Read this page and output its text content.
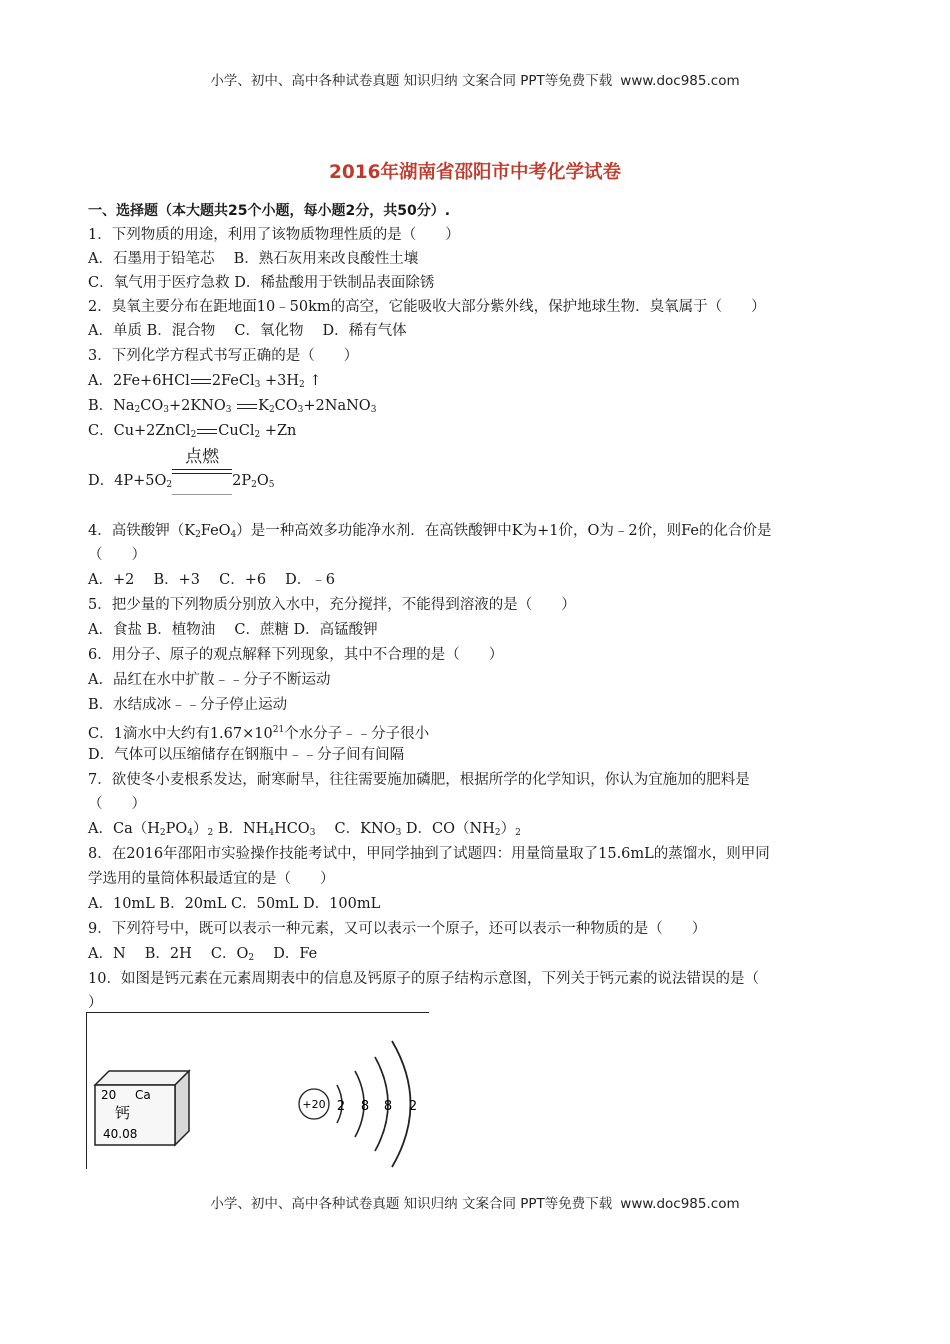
小学、初中、高中各种试卷真题 知识归纳 文案合同 PPT等免费下载 www.doc985.com
2016年湖南省邵阳市中考化学试卷
一、选择题（本大题共25个小题，每小题2分，共50分）.
1．下列物质的用途，利用了该物质物理性质的是（　　）
A．石墨用于铅笔芯　 B．熟石灰用来改良酸性土壤
C．氧气用于医疗急救 D．稀盐酸用于铁制品表面除锈
2．臭氧主要分布在距地面10﹣50km的高空，它能吸收大部分紫外线，保护地球生物．臭氧属于（　　）
A．单质 B．混合物　 C．氧化物　 D．稀有气体
3．下列化学方程式书写正确的是（　　）
A．2Fe+6HCl 2FeCl$_3$ $+3H_2$ ↑
B．$Na_2CO_3+2KNO_3$ $K_2CO_3+2NaNO_3$
C．Cu+2ZnCl$_2$ CuCl$_2$ +Zn
D．$4P+5O_2$
点燃
$2P_2O_5$
4．高铁酸钾$(K_2FeO_4)$是一种高效多功能净水剂．在高铁酸钾中K为+1价，O为﹣2价，则Fe的化合价是
（　　）
A．+2　 B．+3　 C．+6　 D．﹣6
5．把少量的下列物质分别放入水中，充分搅拌，不能得到溶液的是（　　）
A．食盐 B．植物油　 C．蔗糖 D．高锰酸钾
6．用分子、原子的观点解释下列现象，其中不合理的是（　　）
A．品红在水中扩散﹣﹣分子不断运动
B．水结成冰﹣﹣分子停止运动
C．1滴水中大约有$1.67\times 10^{21}$个水分子﹣﹣分子很小
D．气体可以压缩储存在钢瓶中﹣﹣分子间有间隔
7．欲使冬小麦根系发达，耐寒耐旱，往往需要施加磷肥，根据所学的化学知识，你认为宜施加的肥料是
（　　）
A．$Ca(H_2PO_4)_2$ B．$NH_4HCO_3$　 C．$KNO_3$ D．$CO(NH_2)_2$
8．在2016年邵阳市实验操作技能考试中，甲同学抽到了试题四：用量筒量取了15.6mL的蒸馏水，则甲同
学选用的量筒体积最适宜的是（　　）
A．10mL B．20mL C．50mL D．100mL
9．下列符号中，既可以表示一种元素，又可以表示一个原子，还可以表示一种物质的是（　　）
A．N　 B．2H　 C．$O_2$　 D．Fe
10．如图是钙元素在元素周期表中的信息及钙原子的原子结构示意图，下列关于钙元素的说法错误的是（
）
20 Ca
钙
40.08
+20 2 8 8 2
小学、初中、高中各种试卷真题 知识归纳 文案合同 PPT等免费下载 www.doc985.com
